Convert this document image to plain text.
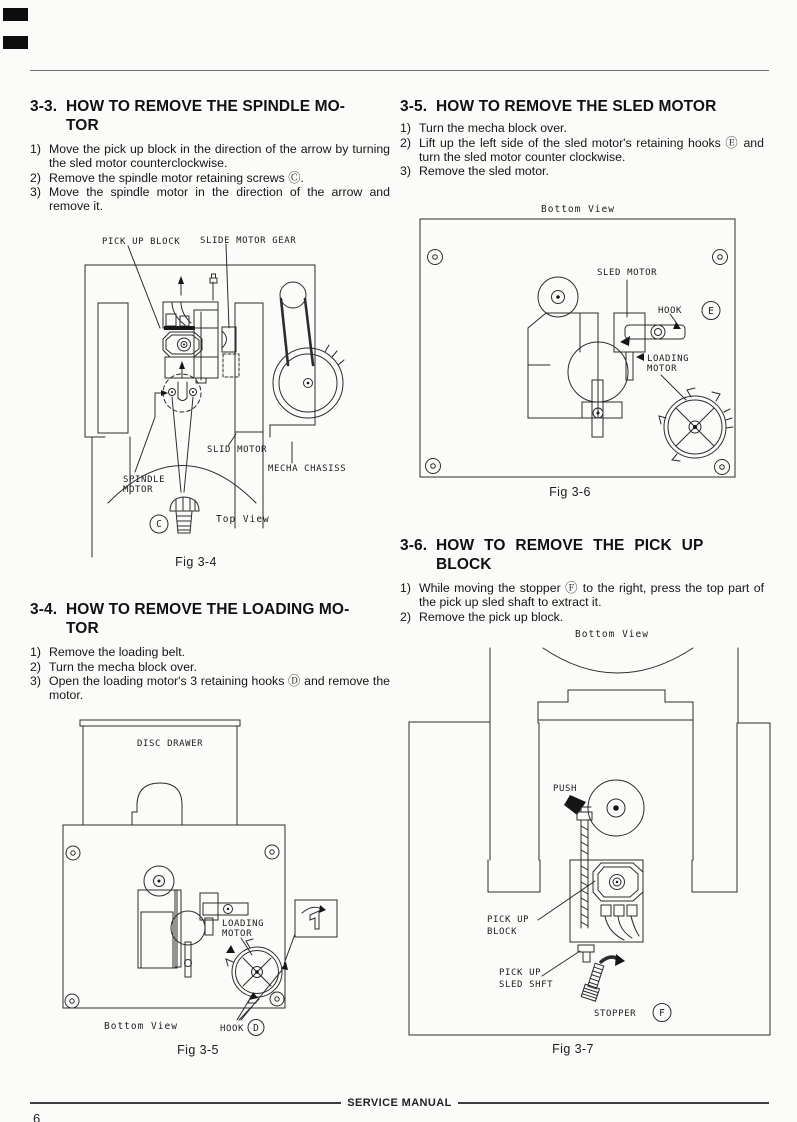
3-3. HOW TO REMOVE THE SPINDLE MO-
TOR
1) Move the pick up block in the direction of the arrow by turning the sled motor counterclockwise.
2) Remove the spindle motor retaining screws Ⓒ.
3) Move the spindle motor in the direction of the arrow and remove it.
PICK UP BLOCK SLIDE MOTOR GEAR
SLID MOTOR
SPINDLE
MOTOR
MECHA CHASISS
Top View
C
Fig 3-4
3-4. HOW TO REMOVE THE LOADING MO-
TOR
1) Remove the loading belt.
2) Turn the mecha block over.
3) Open the loading motor's 3 retaining hooks Ⓓ and remove the motor.
DISC DRAWER
LOADING
MOTOR
Bottom View	HOOK D
Fig 3-5
3-5. HOW TO REMOVE THE SLED MOTOR
1) Turn the mecha block over.
2) Lift up the left side of the sled motor's retaining hooks Ⓔ and turn the sled motor counter clockwise.
3) Remove the sled motor.
Bottom View
SLED MOTOR
HOOK	E
LOADING
MOTOR
Fig 3-6
3-6. HOW TO REMOVE THE PICK UP
BLOCK
1) While moving the stopper Ⓕ to the right, press the top part of the pick up sled shaft to extract it.
2) Remove the pick up block.
Bottom View
PUSH
PICK UP
BLOCK
PICK UP
SLED SHFT
STOPPER F
Fig 3-7
SERVICE MANUAL
6
